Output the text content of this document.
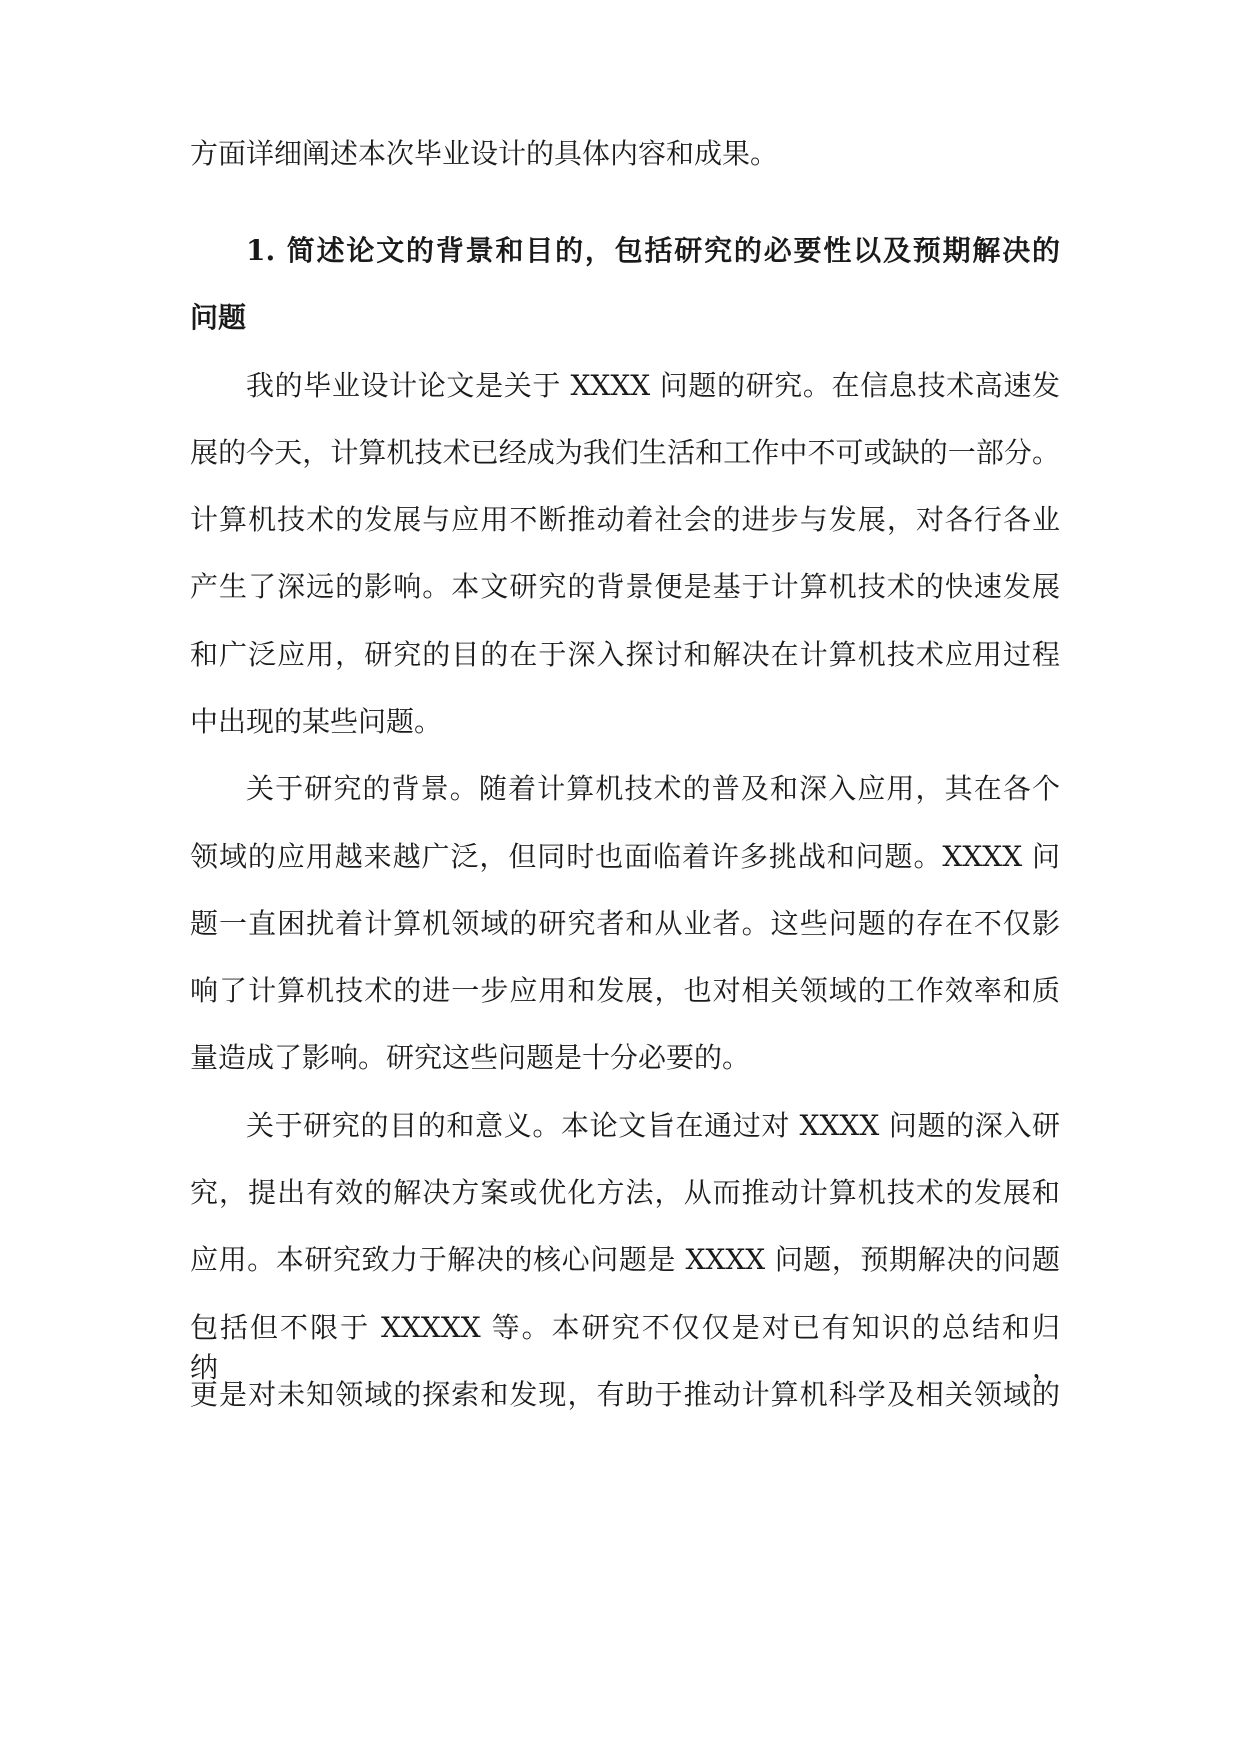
方面详细阐述本次毕业设计的具体内容和成果。
1. 简述论文的背景和目的，包括研究的必要性以及预期解决的
问题
我的毕业设计论文是关于 XXXX 问题的研究。在信息技术高速发
展的今天，计算机技术已经成为我们生活和工作中不可或缺的一部分。
计算机技术的发展与应用不断推动着社会的进步与发展，对各行各业
产生了深远的影响。本文研究的背景便是基于计算机技术的快速发展
和广泛应用，研究的目的在于深入探讨和解决在计算机技术应用过程
中出现的某些问题。
关于研究的背景。随着计算机技术的普及和深入应用，其在各个
领域的应用越来越广泛，但同时也面临着许多挑战和问题。XXXX 问
题一直困扰着计算机领域的研究者和从业者。这些问题的存在不仅影
响了计算机技术的进一步应用和发展，也对相关领域的工作效率和质
量造成了影响。研究这些问题是十分必要的。
关于研究的目的和意义。本论文旨在通过对 XXXX 问题的深入研
究，提出有效的解决方案或优化方法，从而推动计算机技术的发展和
应用。本研究致力于解决的核心问题是 XXXX 问题，预期解决的问题
包括但不限于 XXXXX 等。本研究不仅仅是对已有知识的总结和归纳，
更是对未知领域的探索和发现，有助于推动计算机科学及相关领域的
